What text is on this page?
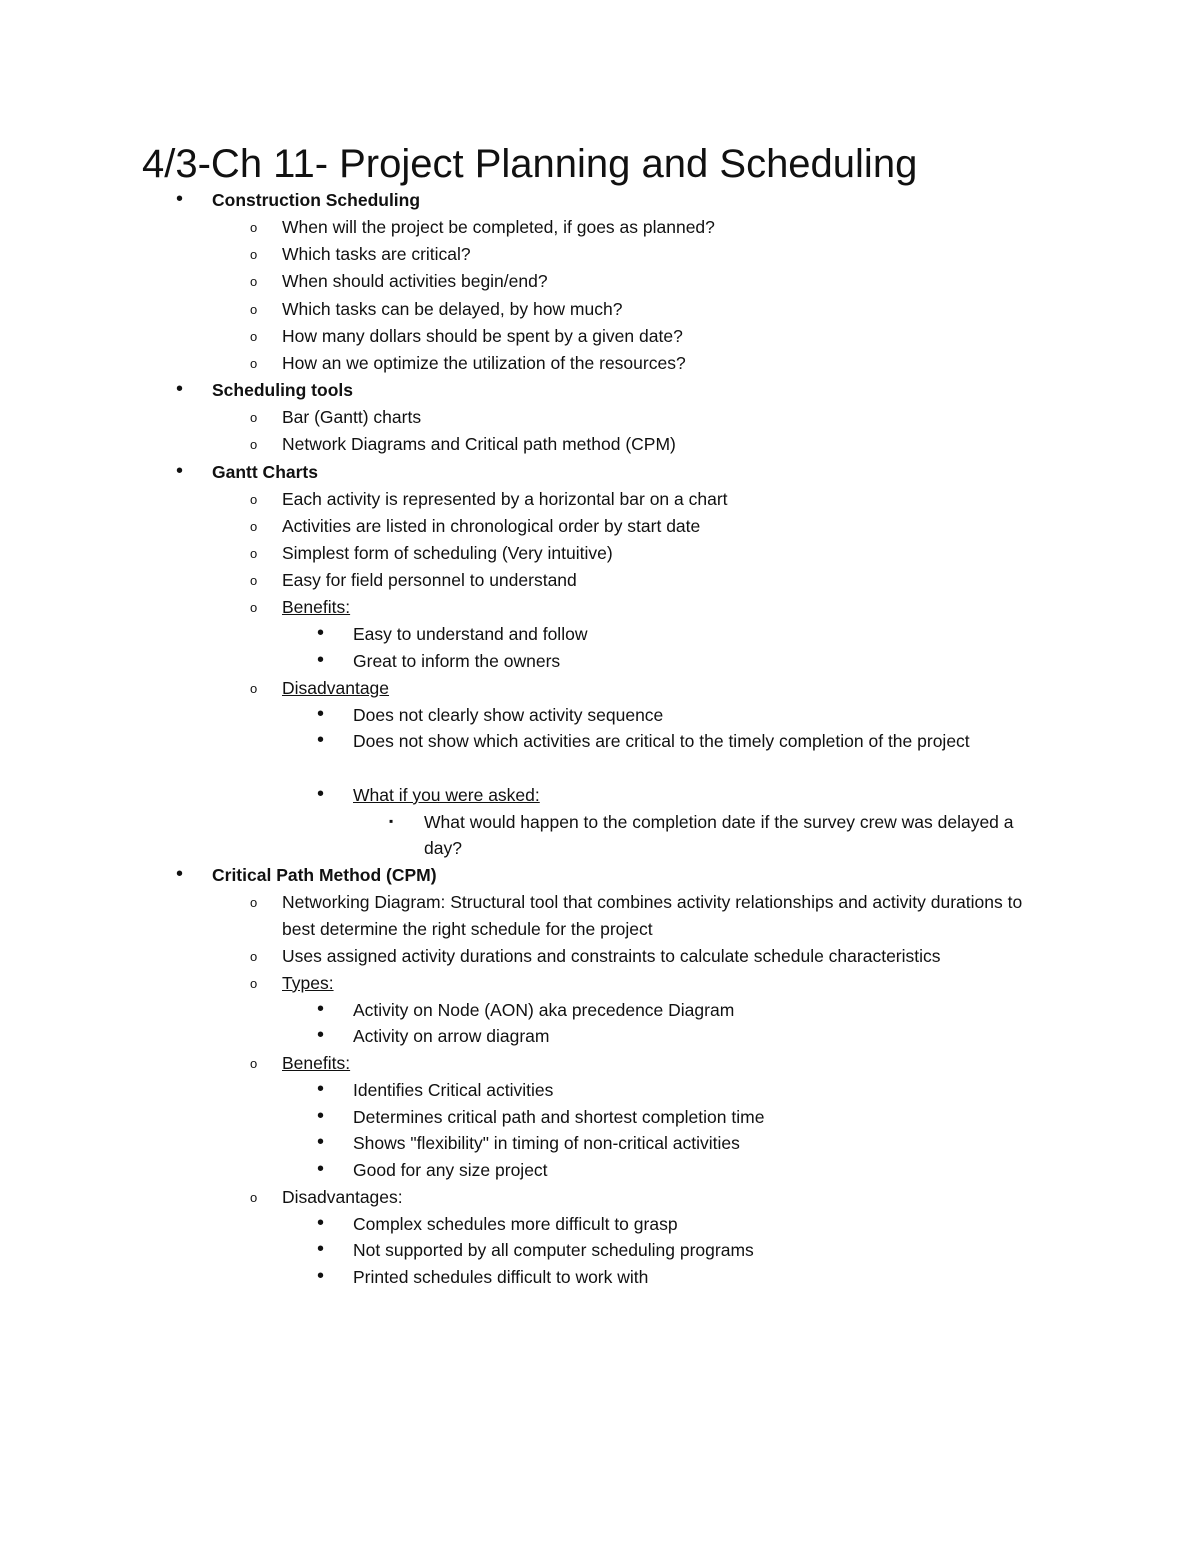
4/3-Ch 11- Project Planning and Scheduling
• Construction Scheduling
o When will the project be completed, if goes as planned?
o Which tasks are critical?
o When should activities begin/end?
o Which tasks can be delayed, by how much?
o How many dollars should be spent by a given date?
o How an we optimize the utilization of the resources?
• Scheduling tools
o Bar (Gantt) charts
o Network Diagrams and Critical path method (CPM)
• Gantt Charts
o Each activity is represented by a horizontal bar on a chart
o Activities are listed in chronological order by start date
o Simplest form of scheduling (Very intuitive)
o Easy for field personnel to understand
o Benefits:
• Easy to understand and follow
• Great to inform the owners
o Disadvantage
• Does not clearly show activity sequence
• Does not show which activities are critical to the timely completion of the project
• What if you were asked:
▪ What would happen to the completion date if the survey crew was delayed a day?
• Critical Path Method (CPM)
o Networking Diagram: Structural tool that combines activity relationships and activity durations to best determine the right schedule for the project
o Uses assigned activity durations and constraints to calculate schedule characteristics
o Types:
• Activity on Node (AON) aka precedence Diagram
• Activity on arrow diagram
o Benefits:
• Identifies Critical activities
• Determines critical path and shortest completion time
• Shows "flexibility" in timing of non-critical activities
• Good for any size project
o Disadvantages:
• Complex schedules more difficult to grasp
• Not supported by all computer scheduling programs
• Printed schedules difficult to work with
